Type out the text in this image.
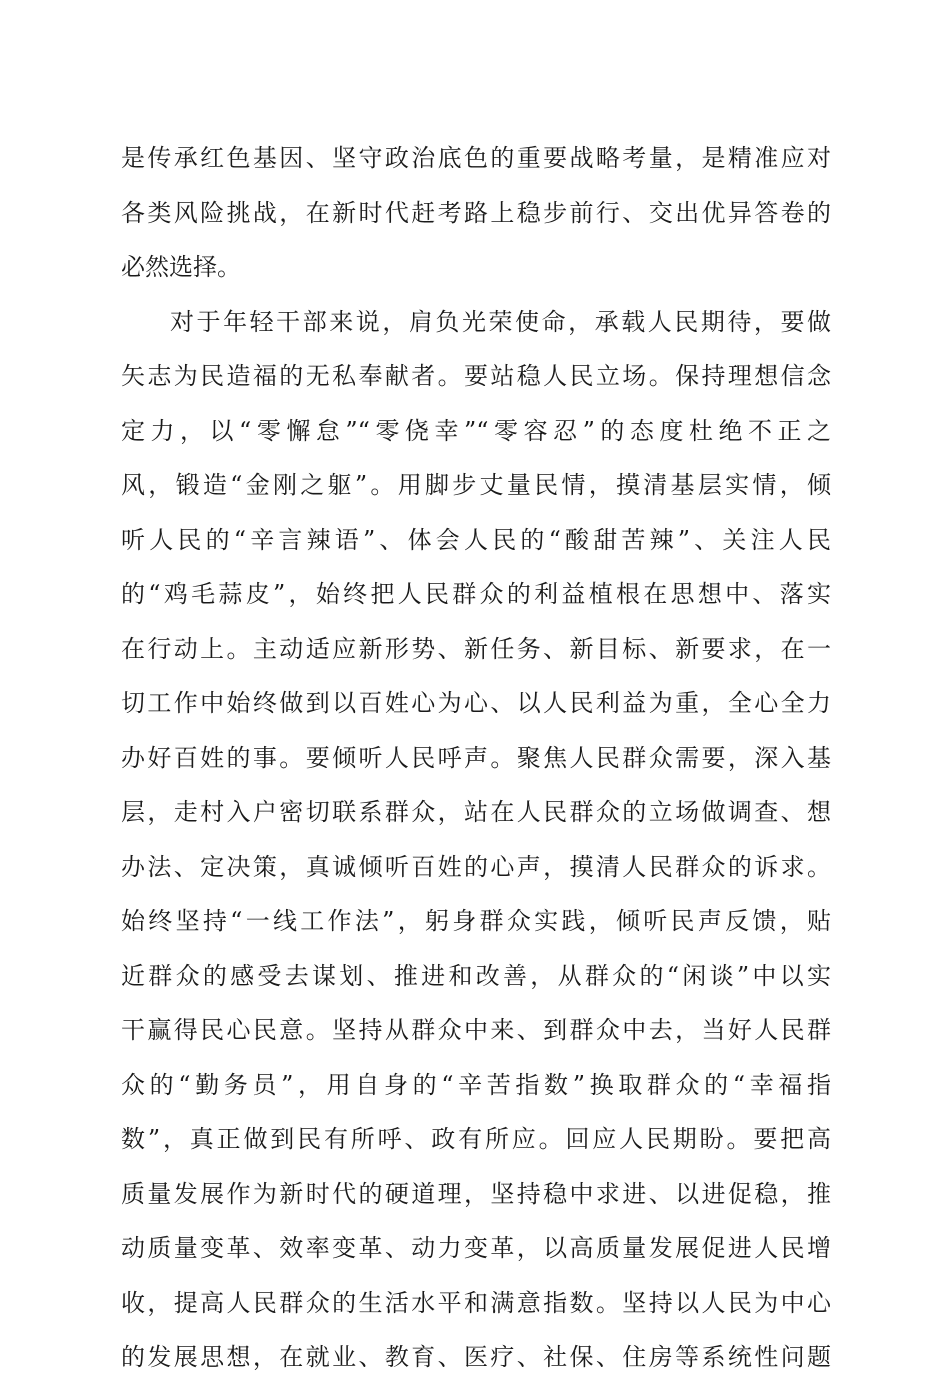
是传承红色基因、坚守政治底色的重要战略考量，是精准应对
各类风险挑战，在新时代赶考路上稳步前行、交出优异答卷的
必然选择。
对于年轻干部来说，肩负光荣使命，承载人民期待，要做
矢志为民造福的无私奉献者。要站稳人民立场。保持理想信念
定力，以“零懈怠”“零侥幸”“零容忍”的态度杜绝不正之
风，锻造“金刚之躯”。用脚步丈量民情，摸清基层实情，倾
听人民的“辛言辣语”、体会人民的“酸甜苦辣”、关注人民
的“鸡毛蒜皮”，始终把人民群众的利益植根在思想中、落实
在行动上。主动适应新形势、新任务、新目标、新要求，在一
切工作中始终做到以百姓心为心、以人民利益为重，全心全力
办好百姓的事。要倾听人民呼声。聚焦人民群众需要，深入基
层，走村入户密切联系群众，站在人民群众的立场做调查、想
办法、定决策，真诚倾听百姓的心声，摸清人民群众的诉求。
始终坚持“一线工作法”，躬身群众实践，倾听民声反馈，贴
近群众的感受去谋划、推进和改善，从群众的“闲谈”中以实
干赢得民心民意。坚持从群众中来、到群众中去，当好人民群
众的“勤务员”，用自身的“辛苦指数”换取群众的“幸福指
数”，真正做到民有所呼、政有所应。回应人民期盼。要把高
质量发展作为新时代的硬道理，坚持稳中求进、以进促稳，推
动质量变革、效率变革、动力变革，以高质量发展促进人民增
收，提高人民群众的生活水平和满意指数。坚持以人民为中心
的发展思想，在就业、教育、医疗、社保、住房等系统性问题
